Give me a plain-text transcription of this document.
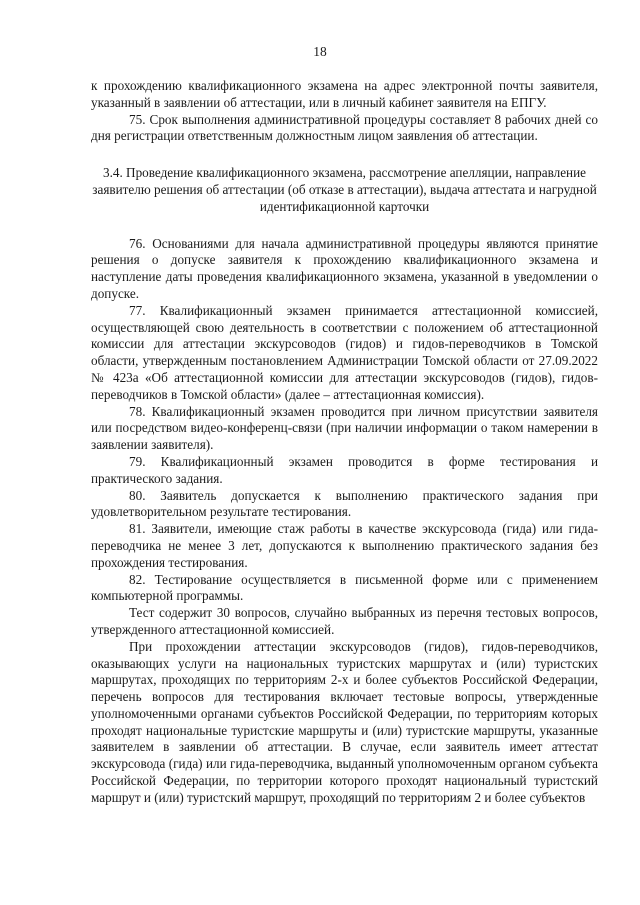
18

к прохождению квалификационного экзамена на адрес электронной почты заявителя, указанный в заявлении об аттестации, или в личный кабинет заявителя на ЕПГУ.

75. Срок выполнения административной процедуры составляет 8 рабочих дней со дня регистрации ответственным должностным лицом заявления об аттестации.

3.4. Проведение квалификационного экзамена, рассмотрение апелляции, направление заявителю решения об аттестации (об отказе в аттестации), выдача аттестата и нагрудной идентификационной карточки

76. Основаниями для начала административной процедуры являются принятие решения о допуске заявителя к прохождению квалификационного экзамена и наступление даты проведения квалификационного экзамена, указанной в уведомлении о допуске.

77. Квалификационный экзамен принимается аттестационной комиссией, осуществляющей свою деятельность в соответствии с положением об аттестационной комиссии для аттестации экскурсоводов (гидов) и гидов-переводчиков в Томской области, утвержденным постановлением Администрации Томской области от 27.09.2022 № 423а «Об аттестационной комиссии для аттестации экскурсоводов (гидов), гидов-переводчиков в Томской области» (далее – аттестационная комиссия).

78. Квалификационный экзамен проводится при личном присутствии заявителя или посредством видео-конференц-связи (при наличии информации о таком намерении в заявлении заявителя).

79. Квалификационный экзамен проводится в форме тестирования и практического задания.

80. Заявитель допускается к выполнению практического задания при удовлетворительном результате тестирования.

81. Заявители, имеющие стаж работы в качестве экскурсовода (гида) или гида-переводчика не менее 3 лет, допускаются к выполнению практического задания без прохождения тестирования.

82. Тестирование осуществляется в письменной форме или с применением компьютерной программы.

Тест содержит 30 вопросов, случайно выбранных из перечня тестовых вопросов, утвержденного аттестационной комиссией.

При прохождении аттестации экскурсоводов (гидов), гидов-переводчиков, оказывающих услуги на национальных туристских маршрутах и (или) туристских маршрутах, проходящих по территориям 2-х и более субъектов Российской Федерации, перечень вопросов для тестирования включает тестовые вопросы, утвержденные уполномоченными органами субъектов Российской Федерации, по территориям которых проходят национальные туристские маршруты и (или) туристские маршруты, указанные заявителем в заявлении об аттестации. В случае, если заявитель имеет аттестат экскурсовода (гида) или гида-переводчика, выданный уполномоченным органом субъекта Российской Федерации, по территории которого проходят национальный туристский маршрут и (или) туристский маршрут, проходящий по территориям 2 и более субъектов
